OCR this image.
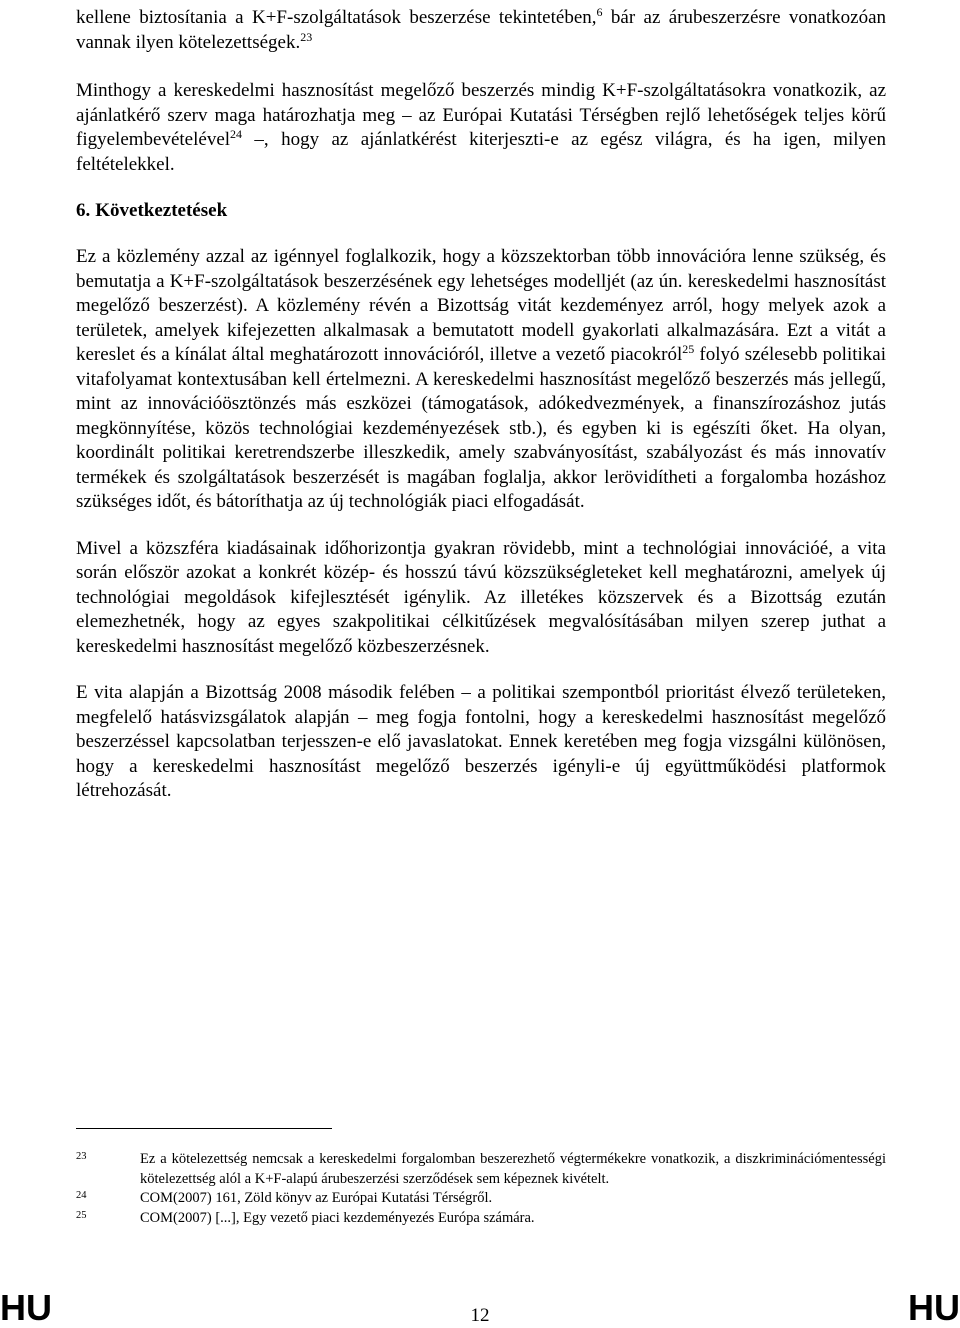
kellene biztosítania a K+F-szolgáltatások beszerzése tekintetében,$^6$ bár az árubeszerzésre vonatkozóan vannak ilyen kötelezettségek.$^{23}$

Minthogy a kereskedelmi hasznosítást megelőző beszerzés mindig K+F-szolgáltatásokra vonatkozik, az ajánlatkérő szerv maga határozhatja meg – az Európai Kutatási Térségben rejlő lehetőségek teljes körű figyelembevételével$^{24}$ –, hogy az ajánlatkérést kiterjeszti-e az egész világra, és ha igen, milyen feltételekkel.

6. Következtetések

Ez a közlemény azzal az igénnyel foglalkozik, hogy a közszektorban több innovációra lenne szükség, és bemutatja a K+F-szolgáltatások beszerzésének egy lehetséges modelljét (az ún. kereskedelmi hasznosítást megelőző beszerzést). A közlemény révén a Bizottság vitát kezdeményez arról, hogy melyek azok a területek, amelyek kifejezetten alkalmasak a bemutatott modell gyakorlati alkalmazására. Ezt a vitát a kereslet és a kínálat által meghatározott innovációról, illetve a vezető piacokról$^{25}$ folyó szélesebb politikai vitafolyamat kontextusában kell értelmezni. A kereskedelmi hasznosítást megelőző beszerzés más jellegű, mint az innovációösztönzés más eszközei (támogatások, adókedvezmények, a finanszírozáshoz jutás megkönnyítése, közös technológiai kezdeményezések stb.), és egyben ki is egészíti őket. Ha olyan, koordinált politikai keretrendszerbe illeszkedik, amely szabványosítást, szabályozást és más innovatív termékek és szolgáltatások beszerzését is magában foglalja, akkor lerövidítheti a forgalomba hozáshoz szükséges időt, és bátoríthatja az új technológiák piaci elfogadását.

Mivel a közszféra kiadásainak időhorizontja gyakran rövidebb, mint a technológiai innovációé, a vita során először azokat a konkrét közép- és hosszú távú közszükségleteket kell meghatározni, amelyek új technológiai megoldások kifejlesztését igénylik. Az illetékes közszervek és a Bizottság ezután elemezhetnék, hogy az egyes szakpolitikai célkitűzések megvalósításában milyen szerep juthat a kereskedelmi hasznosítást megelőző közbeszerzésnek.

E vita alapján a Bizottság 2008 második felében – a politikai szempontból prioritást élvező területeken, megfelelő hatásvizsgálatok alapján – meg fogja fontolni, hogy a kereskedelmi hasznosítást megelőző beszerzéssel kapcsolatban terjesszen-e elő javaslatokat. Ennek keretében meg fogja vizsgálni különösen, hogy a kereskedelmi hasznosítást megelőző beszerzés igényli-e új együttműködési platformok létrehozását.

23	Ez a kötelezettség nemcsak a kereskedelmi forgalomban beszerezhető végtermékekre vonatkozik, a diszkriminációmentességi kötelezettség alól a K+F-alapú árubeszerzési szerződések sem képeznek kivételt.
24	COM(2007) 161, Zöld könyv az Európai Kutatási Térségről.
25	COM(2007) [...], Egy vezető piaci kezdeményezés Európa számára.
HU	12	HU
